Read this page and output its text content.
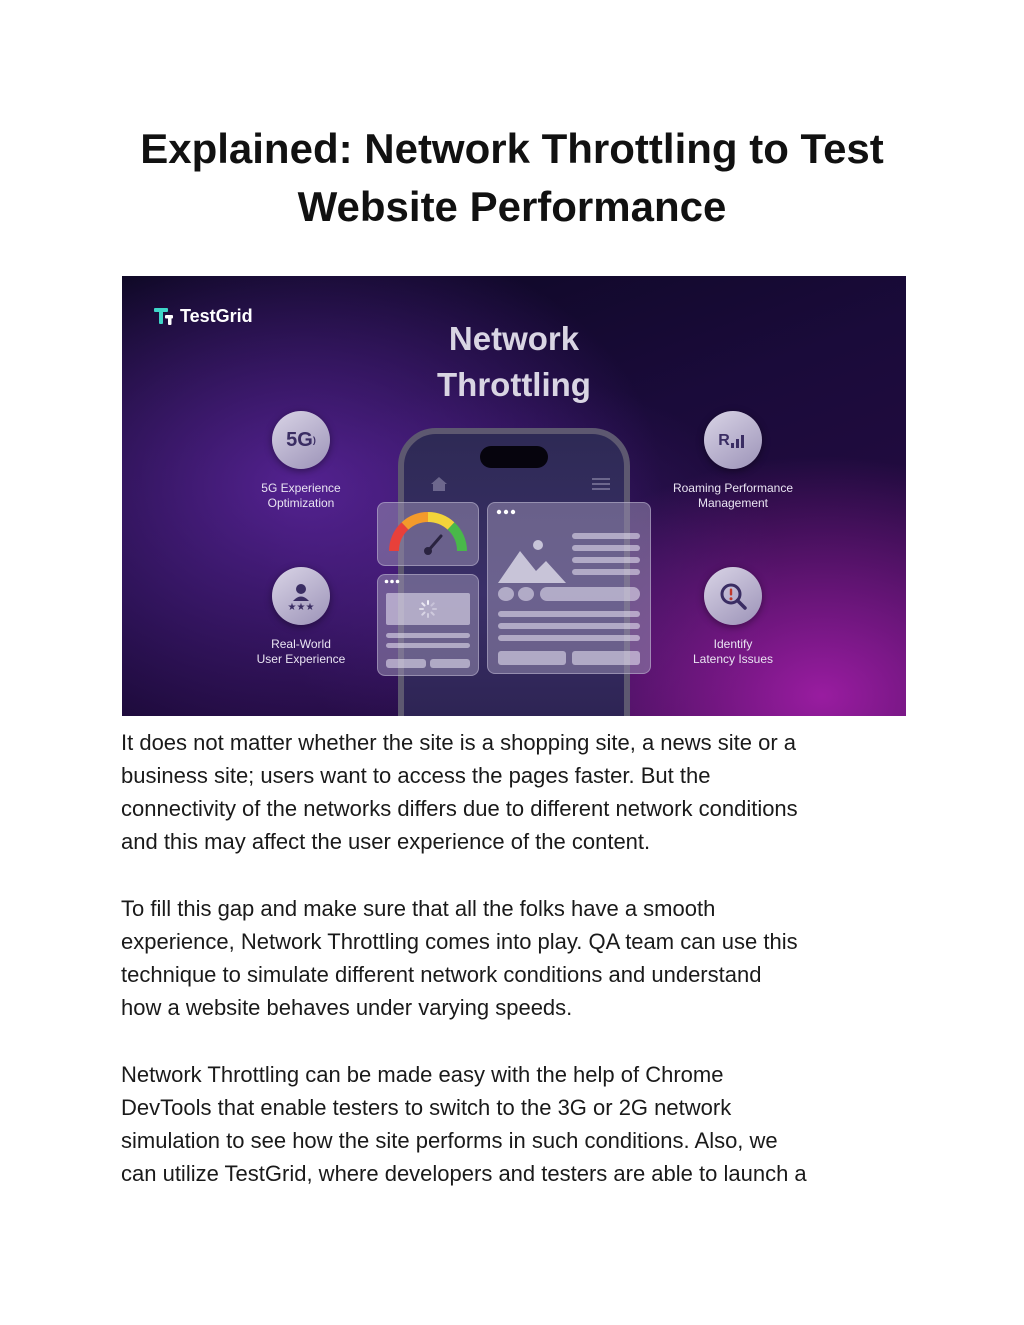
Explained: Network Throttling to Test
Website Performance
TestGrid
Network
Throttling
5G )
5G Experience
Optimization
R
Roaming Performance
Management
★★★
Real-World
User Experience
Identify
Latency Issues

It does not matter whether the site is a shopping site, a news site or a
business site; users want to access the pages faster. But the
connectivity of the networks differs due to different network conditions
and this may affect the user experience of the content.

To fill this gap and make sure that all the folks have a smooth
experience, Network Throttling comes into play. QA team can use this
technique to simulate different network conditions and understand
how a website behaves under varying speeds.

Network Throttling can be made easy with the help of Chrome
DevTools that enable testers to switch to the 3G or 2G network
simulation to see how the site performs in such conditions. Also, we
can utilize TestGrid, where developers and testers are able to launch a
